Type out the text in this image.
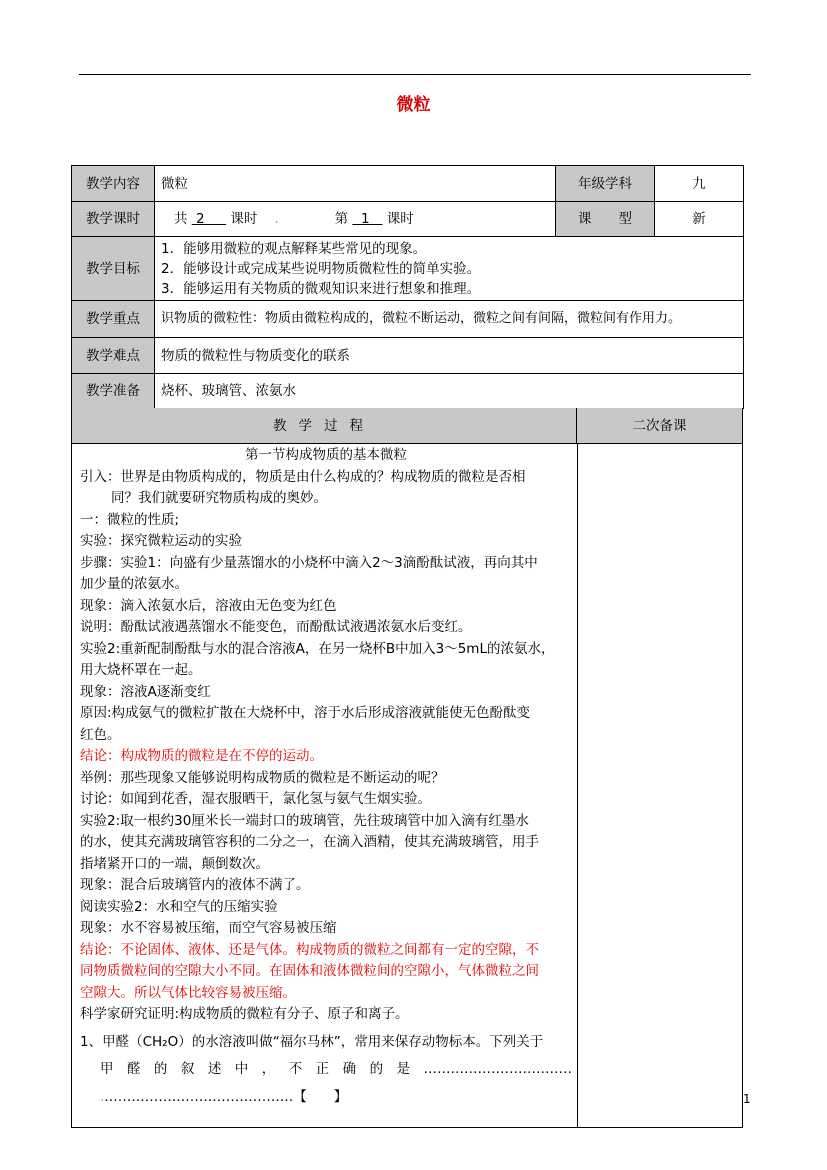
微粒
教学内容	微粒	年级学科	九
教学课时	共 2 课时 . 第 1 课时	课　　型	新
教学目标	1．能够用微粒的观点解释某些常见的现象。
2．能够设计或完成某些说明物质微粒性的简单实验。
3．能够运用有关物质的微观知识来进行想象和推理。		

教学重点	识物质的微粒性：物质由微粒构成的，微粒不断运动，微粒之间有间隔，微粒间有作用力。		
教学难点	物质的微粒性与物质变化的联系		
教学准备	烧杯、玻璃管、浓氨水		
教学过程	二次备课

第一节构成物质的基本微粒

引入：世界是由物质构成的，物质是由什么构成的？构成物质的微粒是否相

同？我们就要研究物质构成的奥妙。

一：微粒的性质;

实验：探究微粒运动的实验

步骤：实验1：向盛有少量蒸馏水的小烧杯中滴入2～3滴酚酞试液，再向其中

加少量的浓氨水。

现象：滴入浓氨水后，溶液由无色变为红色

说明：酚酞试液遇蒸馏水不能变色，而酚酞试液遇浓氨水后变红。

实验2:重新配制酚酞与水的混合溶液A，在另一烧杯B中加入3～5mL的浓氨水，

用大烧杯罩在一起。

现象：溶液A逐渐变红

原因:构成氨气的微粒扩散在大烧杯中，溶于水后形成溶液就能使无色酚酞变

红色。

结论：构成物质的微粒是在不停的运动。

举例：那些现象又能够说明构成物质的微粒是不断运动的呢？

讨论：如闻到花香，湿衣服晒干，氯化氢与氨气生烟实验。

实验2:取一根约30厘米长一端封口的玻璃管，先往玻璃管中加入滴有红墨水

的水，使其充满玻璃管容积的二分之一，在滴入酒精，使其充满玻璃管，用手

指堵紧开口的一端，颠倒数次。

现象：混合后玻璃管内的液体不满了。

阅读实验2：水和空气的压缩实验

现象：水不容易被压缩，而空气容易被压缩

结论：不论固体、液体、还是气体。构成物质的微粒之间都有一定的空隙，不

同物质微粒间的空隙大小不同。在固体和液体微粒间的空隙小，气体微粒之间

空隙大。所以气体比较容易被压缩。

科学家研究证明:构成物质的微粒有分子、原子和离子。

1、甲醛（CH₂O）的水溶液叫做“福尔马林”，常用来保存动物标本。下列关于

甲醛的叙述中，不正确的是……………………………

.……………………………………【　　】	1
